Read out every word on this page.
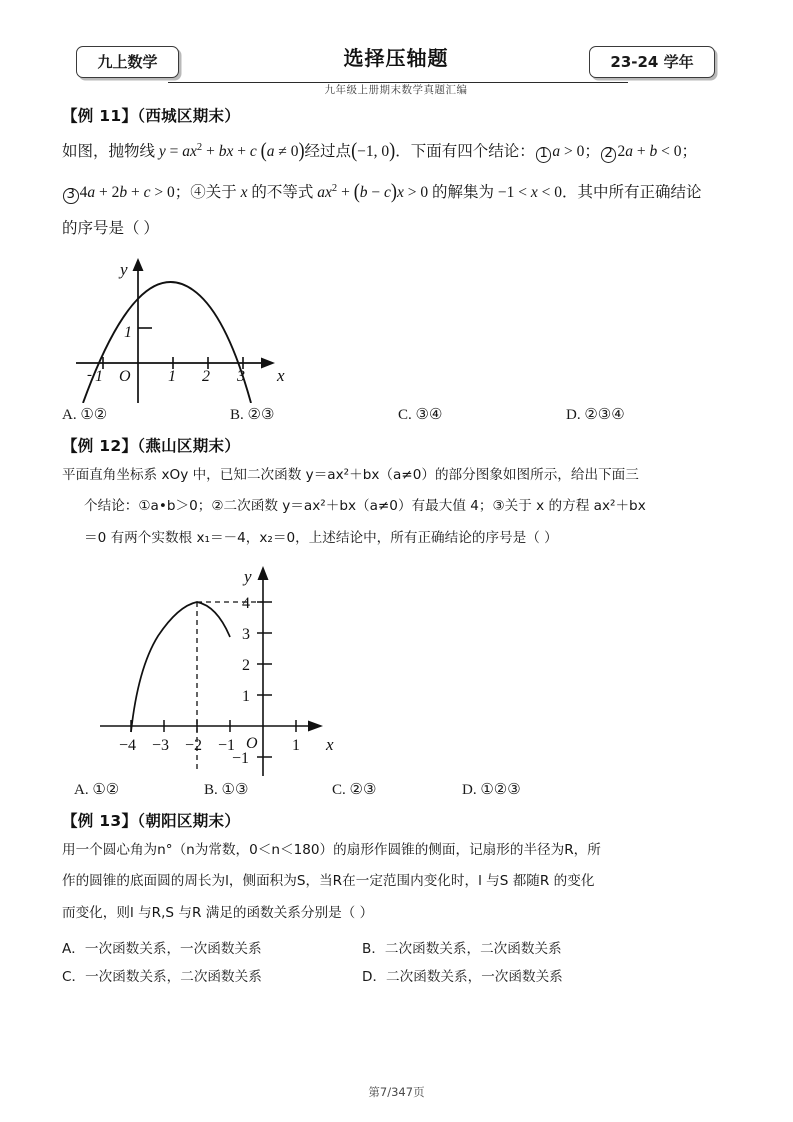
选择压轴题
九年级上册期末数学真题汇编
九上数学	23-24 学年
【例 11】（西城区期末）
如图，抛物线 $y = ax^2$ + bx + c (a ≠ 0)经过点(−1, 0)．下面有四个结论： 1 a > 0； 2 2a + b < 0；
3 4a + 2b + c > 0；④关于 x 的不等式 $ax^2 + (b - c)x > 0$ 的解集为 −1 < x < 0．其中所有正确结论
的序号是（ ）
1
- O 1 2 3
1
y
x
A. ①②	B. ②③	C. ③④	D. ②③④
【例 12】（燕山区期末）
平面直角坐标系 xOy 中，已知二次函数 y＝ax²＋bx（a≠0）的部分图象如图所示，给出下面三
个结论：①a•b＞0；②二次函数 y＝ax²＋bx（a≠0）有最大值 4；③关于 x 的方程 ax²＋bx
＝0 有两个实数根 x₁＝－4，x₂＝0，上述结论中，所有正确结论的序号是（ ）
−4 −3 −2 −1	1
O
4
3
2
1
−1
y
x
A. ①②	B. ①③	C. ②③	D. ①②③
【例 13】（朝阳区期末）
用一个圆心角为n°（n为常数，0＜n＜180）的扇形作圆锥的侧面，记扇形的半径为R，所
作的圆锥的底面圆的周长为l，侧面积为S，当R在一定范围内变化时，l 与S 都随R 的变化
而变化，则l 与R,S 与R 满足的函数关系分别是（ ）
A．一次函数关系，一次函数关系	B．二次函数关系，二次函数关系
C．一次函数关系，二次函数关系	D．二次函数关系，一次函数关系
第7/347页
